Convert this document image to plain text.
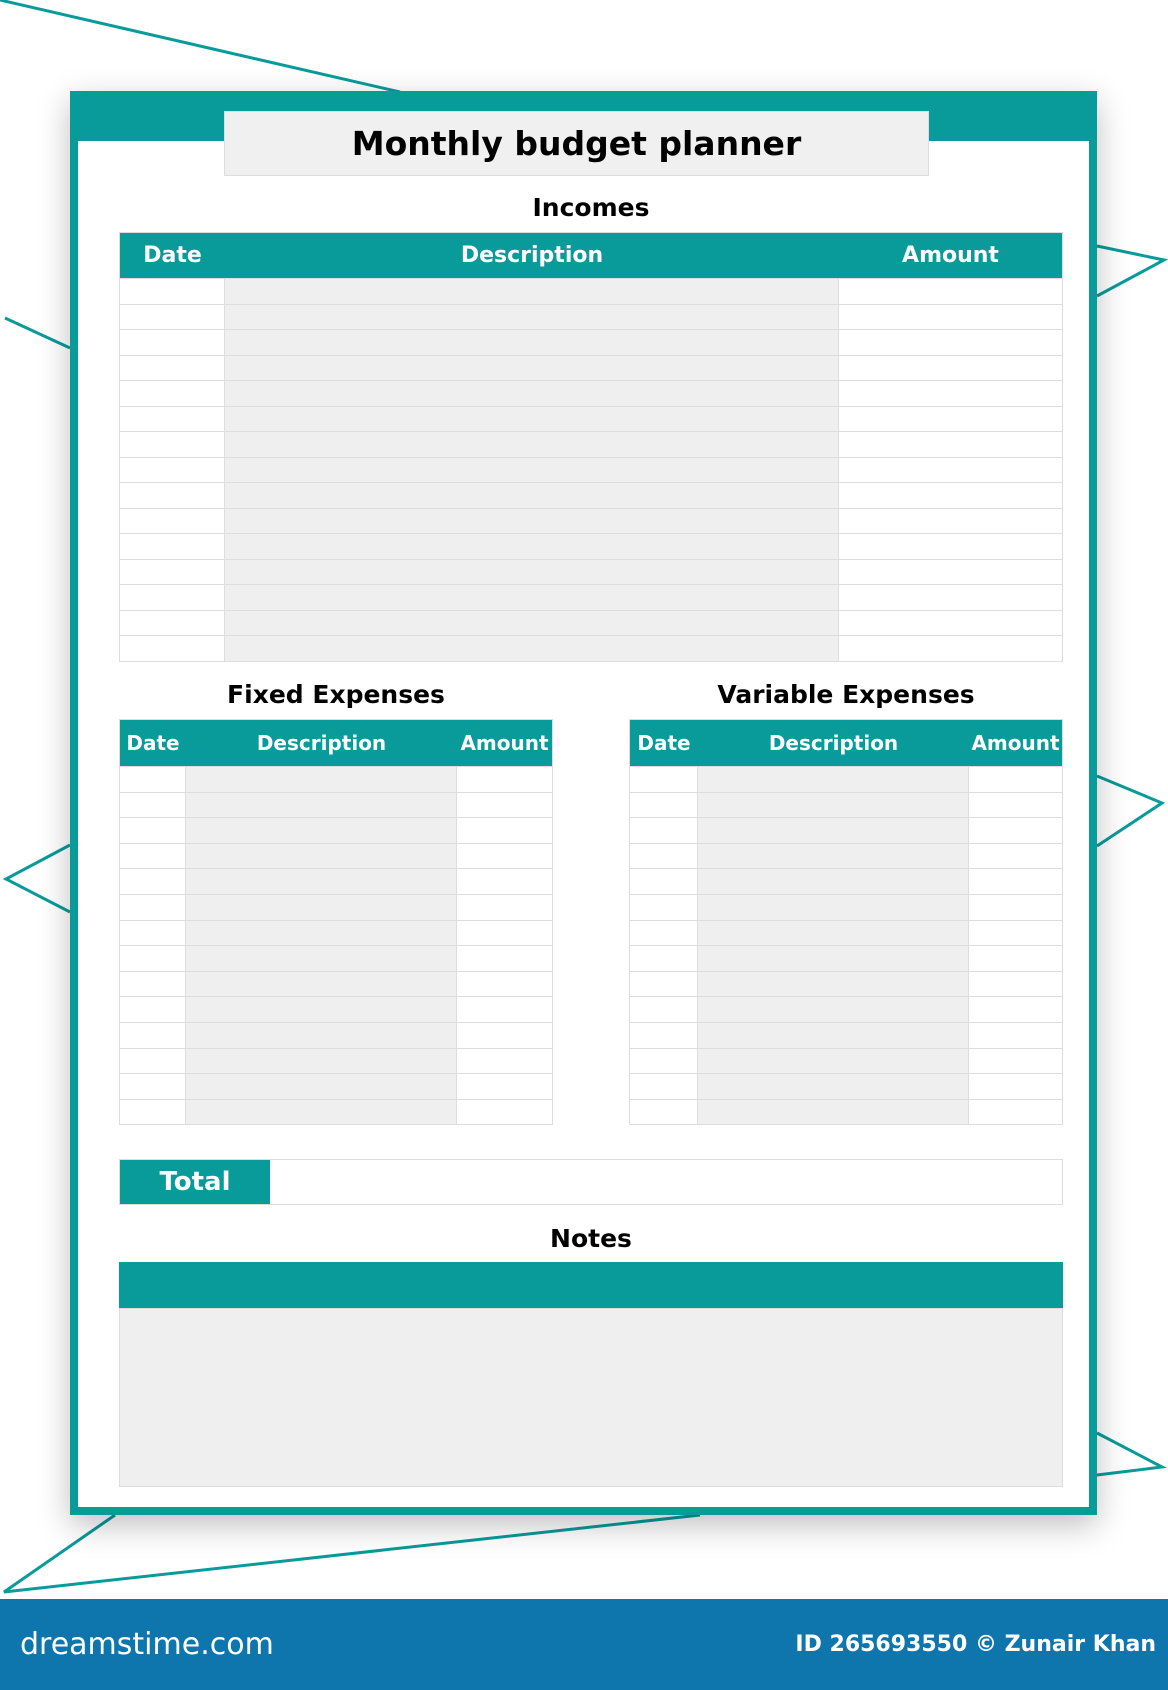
Monthly budget planner
Incomes
Date	Description	Amount
Fixed Expenses
Date	Description	Amount
Variable Expenses
Date	Description	Amount
Total
Notes
dreamstime.com	ID 265693550 © Zunair Khan
